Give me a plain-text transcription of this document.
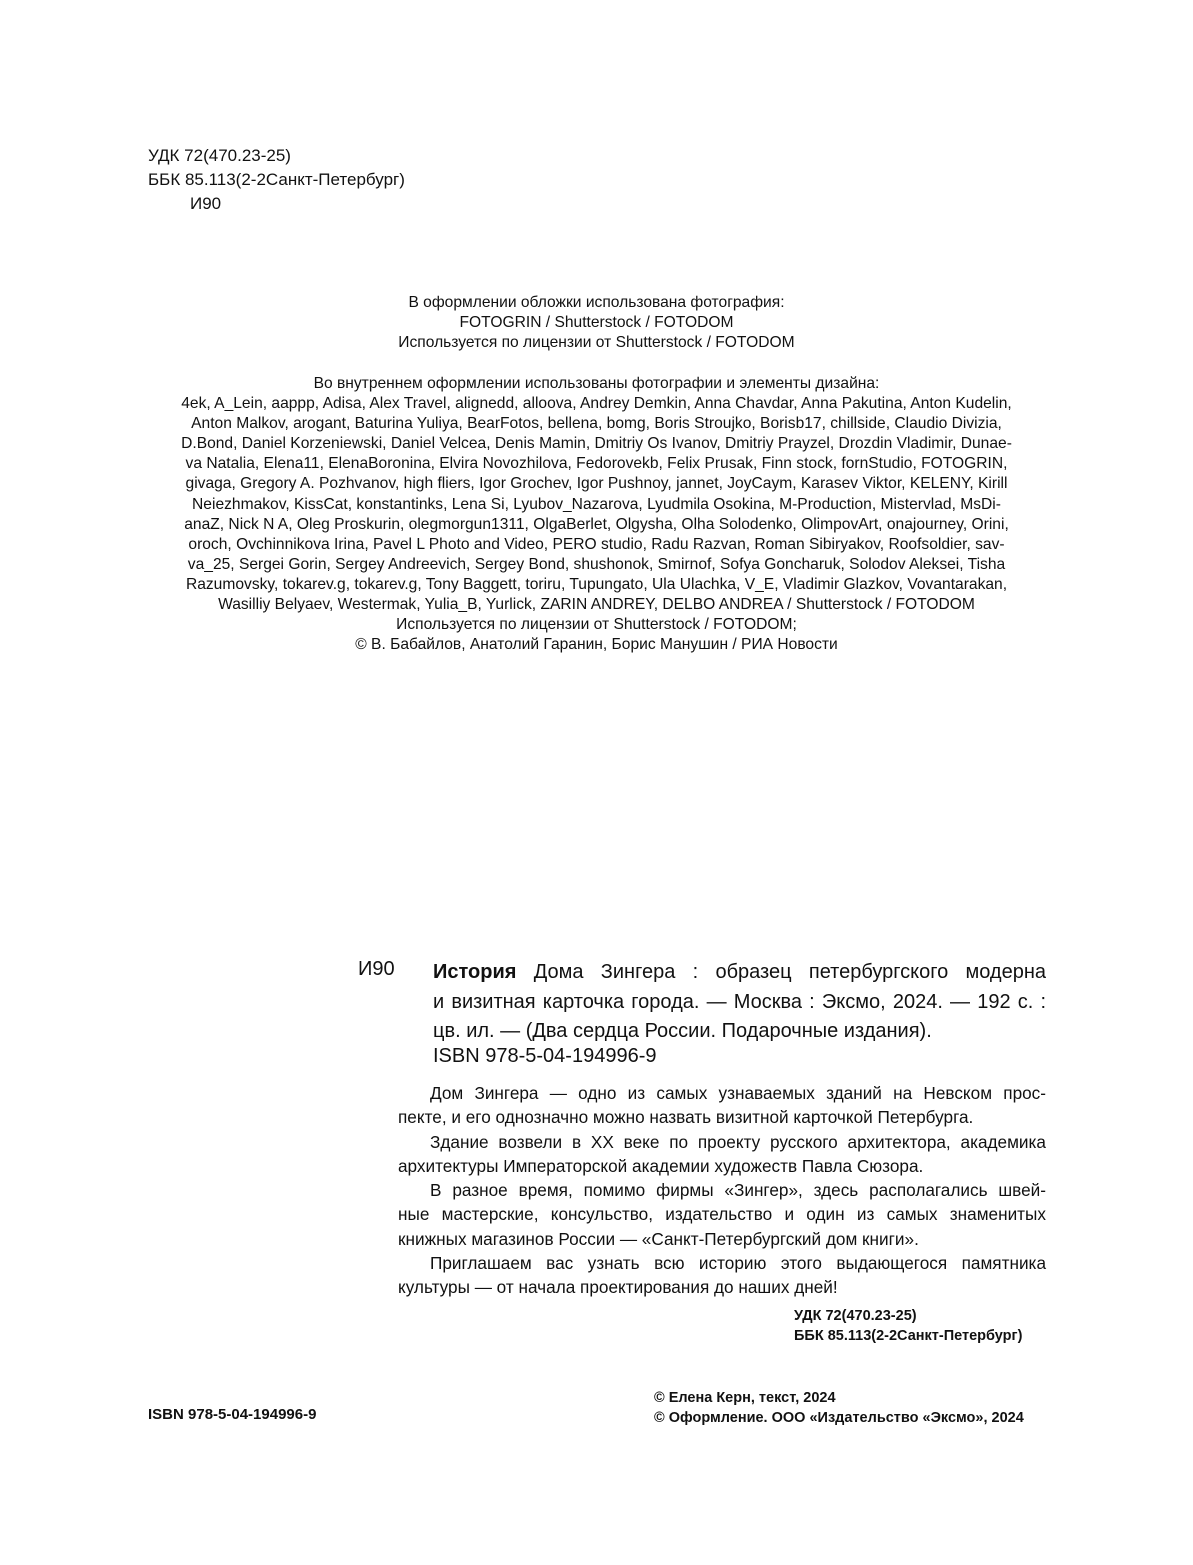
УДК 72(470.23-25)
ББК 85.113(2-2Санкт-Петербург)
И90
В оформлении обложки использована фотография:
FOTOGRIN / Shutterstock / FOTODOM
Используется по лицензии от Shutterstock / FOTODOM
Во внутреннем оформлении использованы фотографии и элементы дизайна:
4ek, A_Lein, aappp, Adisa, Alex Travel, alignedd, alloova, Andrey Demkin, Anna Chavdar, Anna Pakutina, Anton Kudelin,
Anton Malkov, arogant, Baturina Yuliya, BearFotos, bellena, bomg, Boris Stroujko, Borisb17, chillside, Claudio Divizia,
D.Bond, Daniel Korzeniewski, Daniel Velcea, Denis Mamin, Dmitriy Os Ivanov, Dmitriy Prayzel, Drozdin Vladimir, Dunae-
va Natalia, Elena11, ElenaBoronina, Elvira Novozhilova, Fedorovekb, Felix Prusak, Finn stock, fornStudio, FOTOGRIN,
givaga, Gregory A. Pozhvanov, high fliers, Igor Grochev, Igor Pushnoy, jannet, JoyCaym, Karasev Viktor, KELENY, Kirill
Neiezhmakov, KissCat, konstantinks, Lena Si, Lyubov_Nazarova, Lyudmila Osokina, M-Production, Mistervlad, MsDi-
anaZ, Nick N A, Oleg Proskurin, olegmorgun1311, OlgaBerlet, Olgysha, Olha Solodenko, OlimpovArt, onajourney, Orini,
oroch, Ovchinnikova Irina, Pavel L Photo and Video, PERO studio, Radu Razvan, Roman Sibiryakov, Roofsoldier, sav-
va_25, Sergei Gorin, Sergey Andreevich, Sergey Bond, shushonok, Smirnof, Sofya Goncharuk, Solodov Aleksei, Tisha
Razumovsky, tokarev.g, tokarev.g, Tony Baggett, toriru, Tupungato, Ula Ulachka, V_E, Vladimir Glazkov, Vovantarakan,
Wasilliy Belyaev, Westermak, Yulia_B, Yurlick, ZARIN ANDREY, DELBO ANDREA / Shutterstock / FOTODOM
Используется по лицензии от Shutterstock / FOTODOM;
© В. Бабайлов, Анатолий Гаранин, Борис Манушин / РИА Новости
И90 История Дома Зингера : образец петербургского модерна
и визитная карточка города. — Москва : Эксмо, 2024. — 192 с. :
цв. ил. — (Два сердца России. Подарочные издания).
ISBN 978-5-04-194996-9
Дом Зингера — одно из самых узнаваемых зданий на Невском прос-
пекте, и его однозначно можно назвать визитной карточкой Петербурга.
Здание возвели в XX веке по проекту русского архитектора, академика
архитектуры Императорской академии художеств Павла Сюзора.
В разное время, помимо фирмы «Зингер», здесь располагались швей-
ные мастерские, консульство, издательство и один из самых знаменитых
книжных магазинов России — «Санкт-Петербургский дом книги».
Приглашаем вас узнать всю историю этого выдающегося памятника
культуры — от начала проектирования до наших дней!
УДК 72(470.23-25)
ББК 85.113(2-2Санкт-Петербург)
© Елена Керн, текст, 2024
© Оформление. ООО «Издательство «Эксмо», 2024
ISBN 978-5-04-194996-9
